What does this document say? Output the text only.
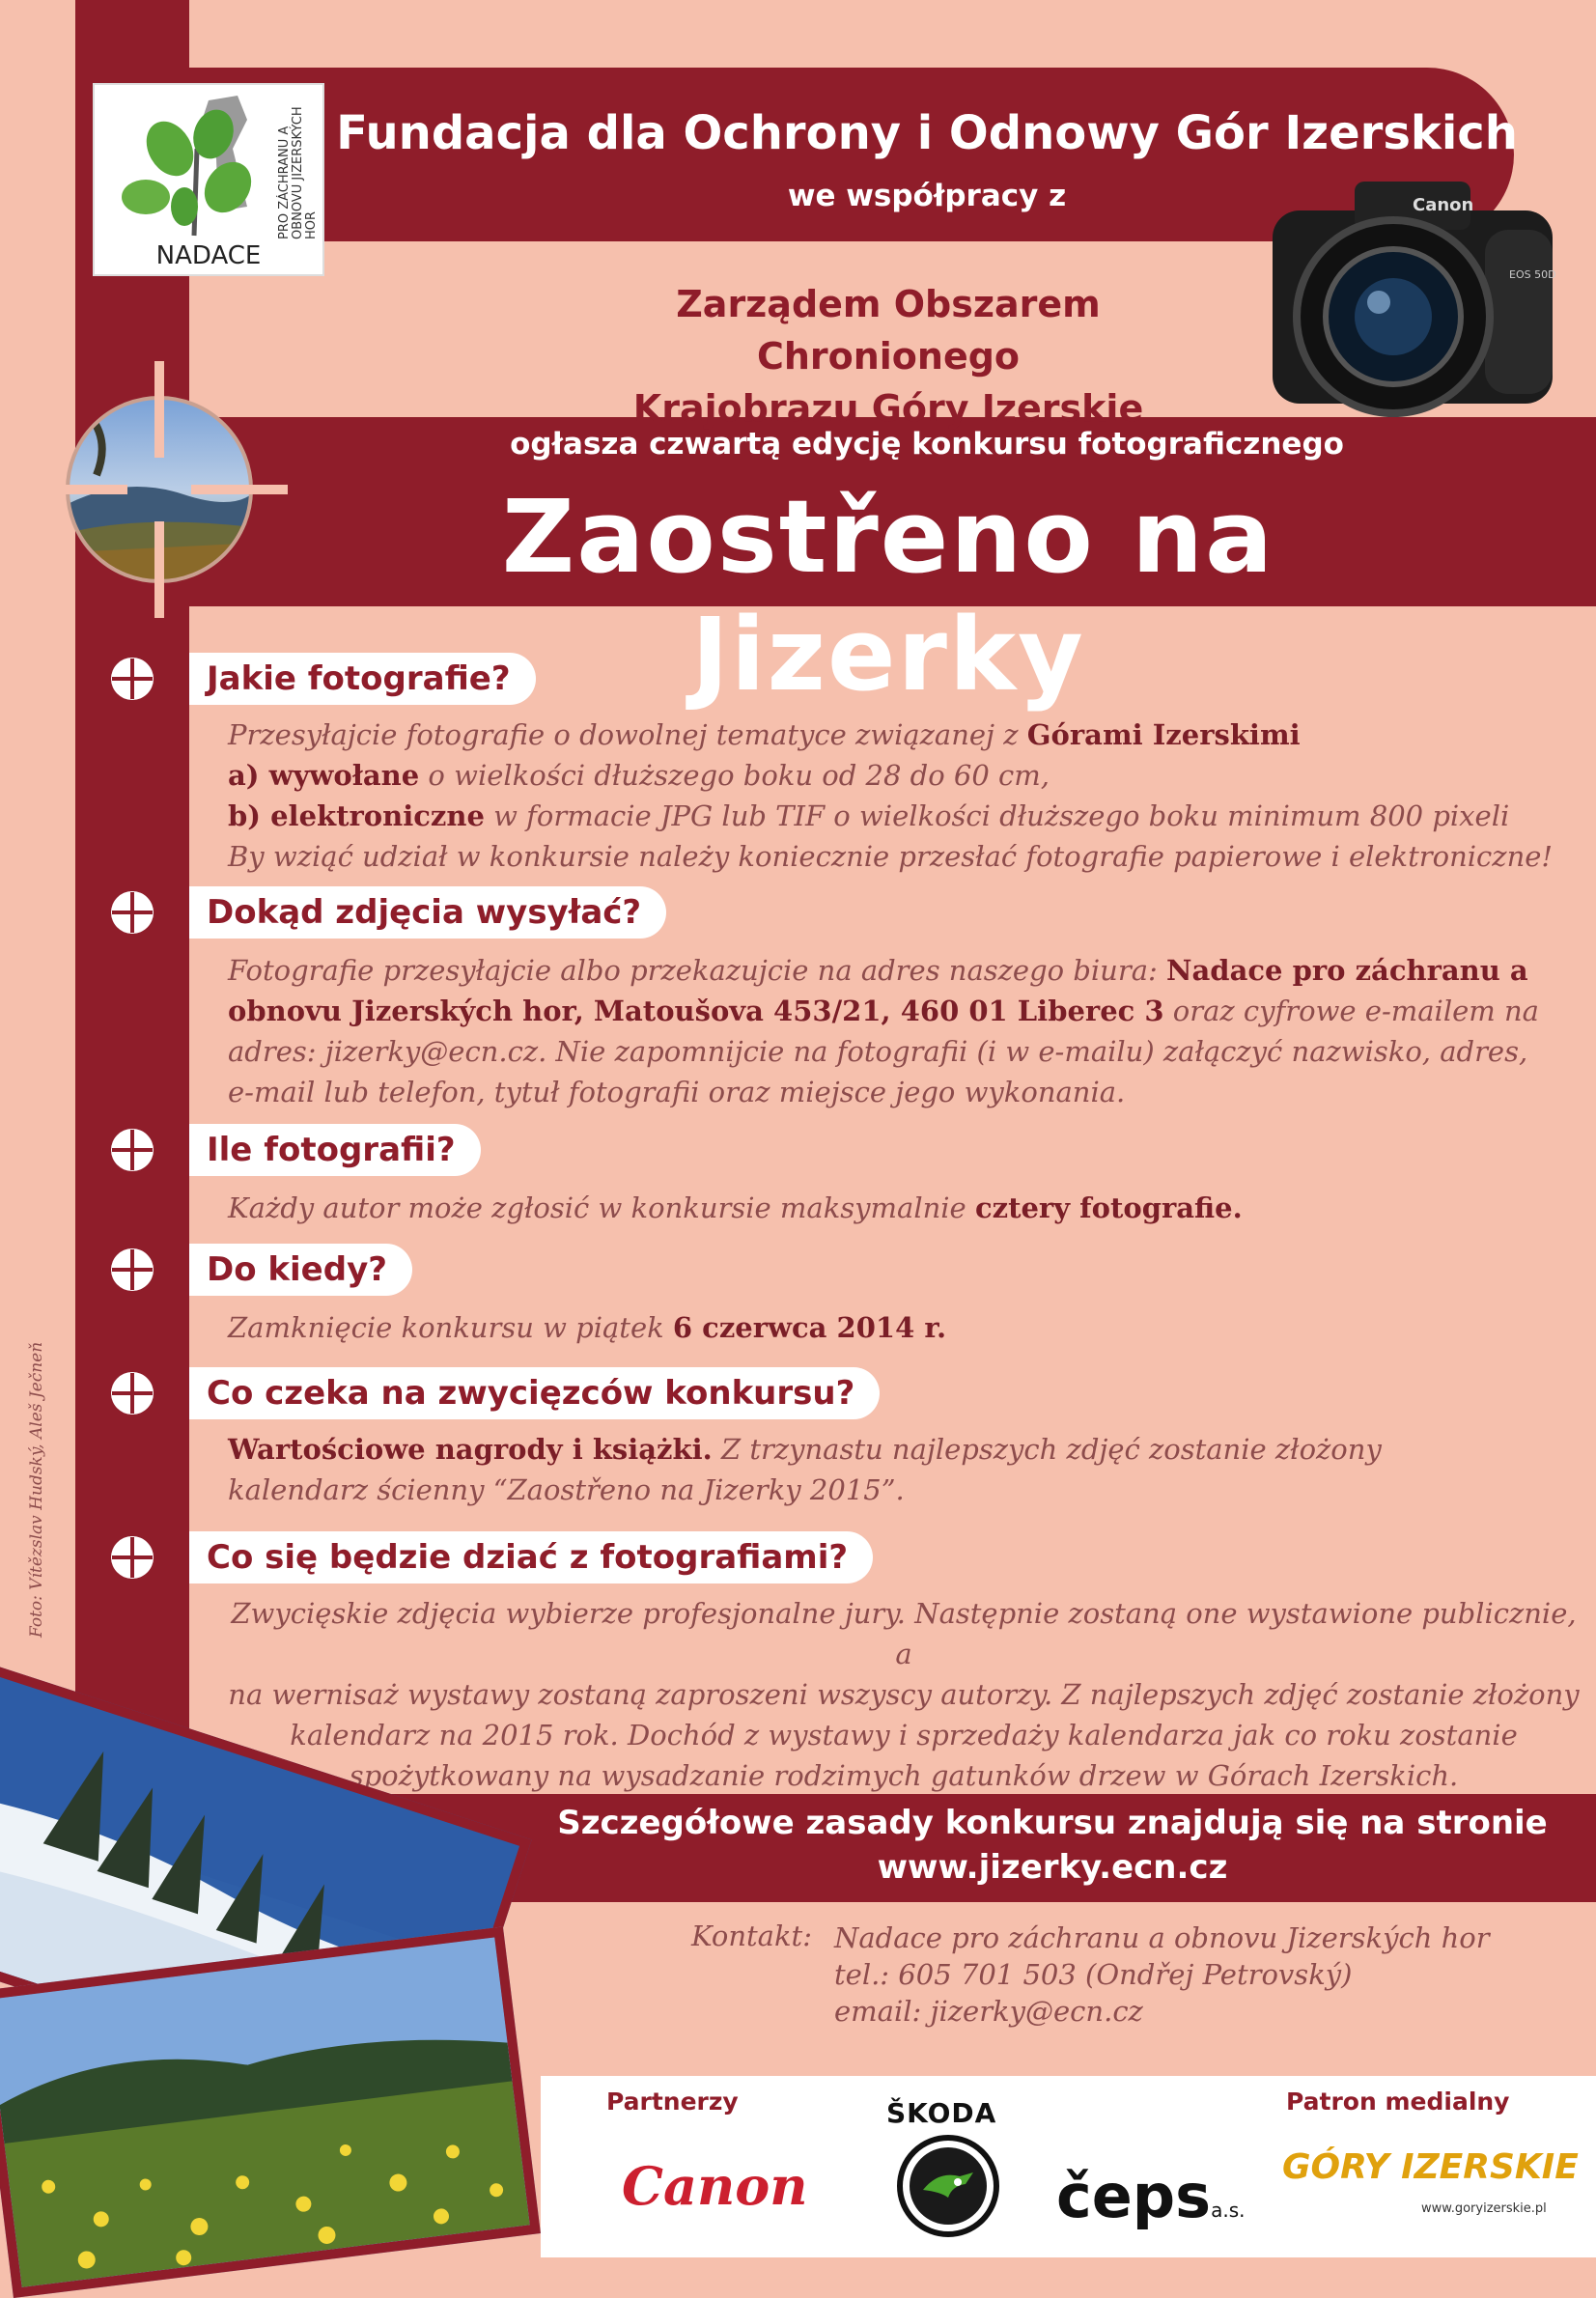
PRO ZÁCHRANU A OBNOVU JIZERSKÝCH HOR
NADACE
Fundacja dla Ochrony i Odnowy Gór Izerskich
we współpracy z
Zarządem Obszarem Chronionego
Krajobrazu Góry Izerskie
Canon
EOS 50D
ogłasza czwartą edycję konkursu fotograficznego
Zaostřeno na Jizerky
Jakie fotografie?

Przesyłajcie fotografie o dowolnej tematyce związanej z Górami Izerskimi

a) wywołane o wielkości dłuższego boku od 28 do 60 cm,

b) elektroniczne w formacie JPG lub TIF o wielkości dłuższego boku minimum 800 pixeli

By wziąć udział w konkursie należy koniecznie przesłać fotografie papierowe i elektroniczne!

Dokąd zdjęcia wysyłać?

Fotografie przesyłajcie albo przekazujcie na adres naszego biura: Nadace pro záchranu a obnovu Jizerských hor, Matoušova 453/21, 460 01 Liberec 3 oraz cyfrowe e-mailem na adres: jizerky@ecn.cz. Nie zapomnijcie na fotografii (i w e-mailu) załączyć nazwisko, adres, e-mail lub telefon, tytuł fotografii oraz miejsce jego wykonania.

Ile fotografii?

Każdy autor może zgłosić w konkursie maksymalnie cztery fotografie.

Do kiedy?

Zamknięcie konkursu w piątek 6 czerwca 2014 r.

Co czeka na zwycięzców konkursu?

Wartościowe nagrody i książki. Z trzynastu najlepszych zdjęć zostanie złożony kalendarz ścienny “Zaostřeno na Jizerky 2015”.

Co się będzie dziać z fotografiami?

Zwycięskie zdjęcia wybierze profesjonalne jury. Następnie zostaną one wystawione publicznie, a

na wernisaż wystawy zostaną zaproszeni wszyscy autorzy. Z najlepszych zdjęć zostanie złożony

kalendarz na 2015 rok. Dochód z wystawy i sprzedaży kalendarza jak co roku zostanie

spożytkowany na wysadzanie rodzimych gatunków drzew w Górach Izerskich.

Foto: Vítězslav Hudský, Aleš Ječneň
Szczegółowe zasady konkursu znajdują się na stronie
www.jizerky.ecn.cz
Kontakt: Nadace pro záchranu a obnovu Jizerských hor
tel.: 605 701 503 (Ondřej Petrovský)
email: jizerky@ecn.cz
Partnerzy	Patron medialny
Canon
ŠKODA
čepsa.s.
GÓRY IZERSKIE
www.goryizerskie.pl
